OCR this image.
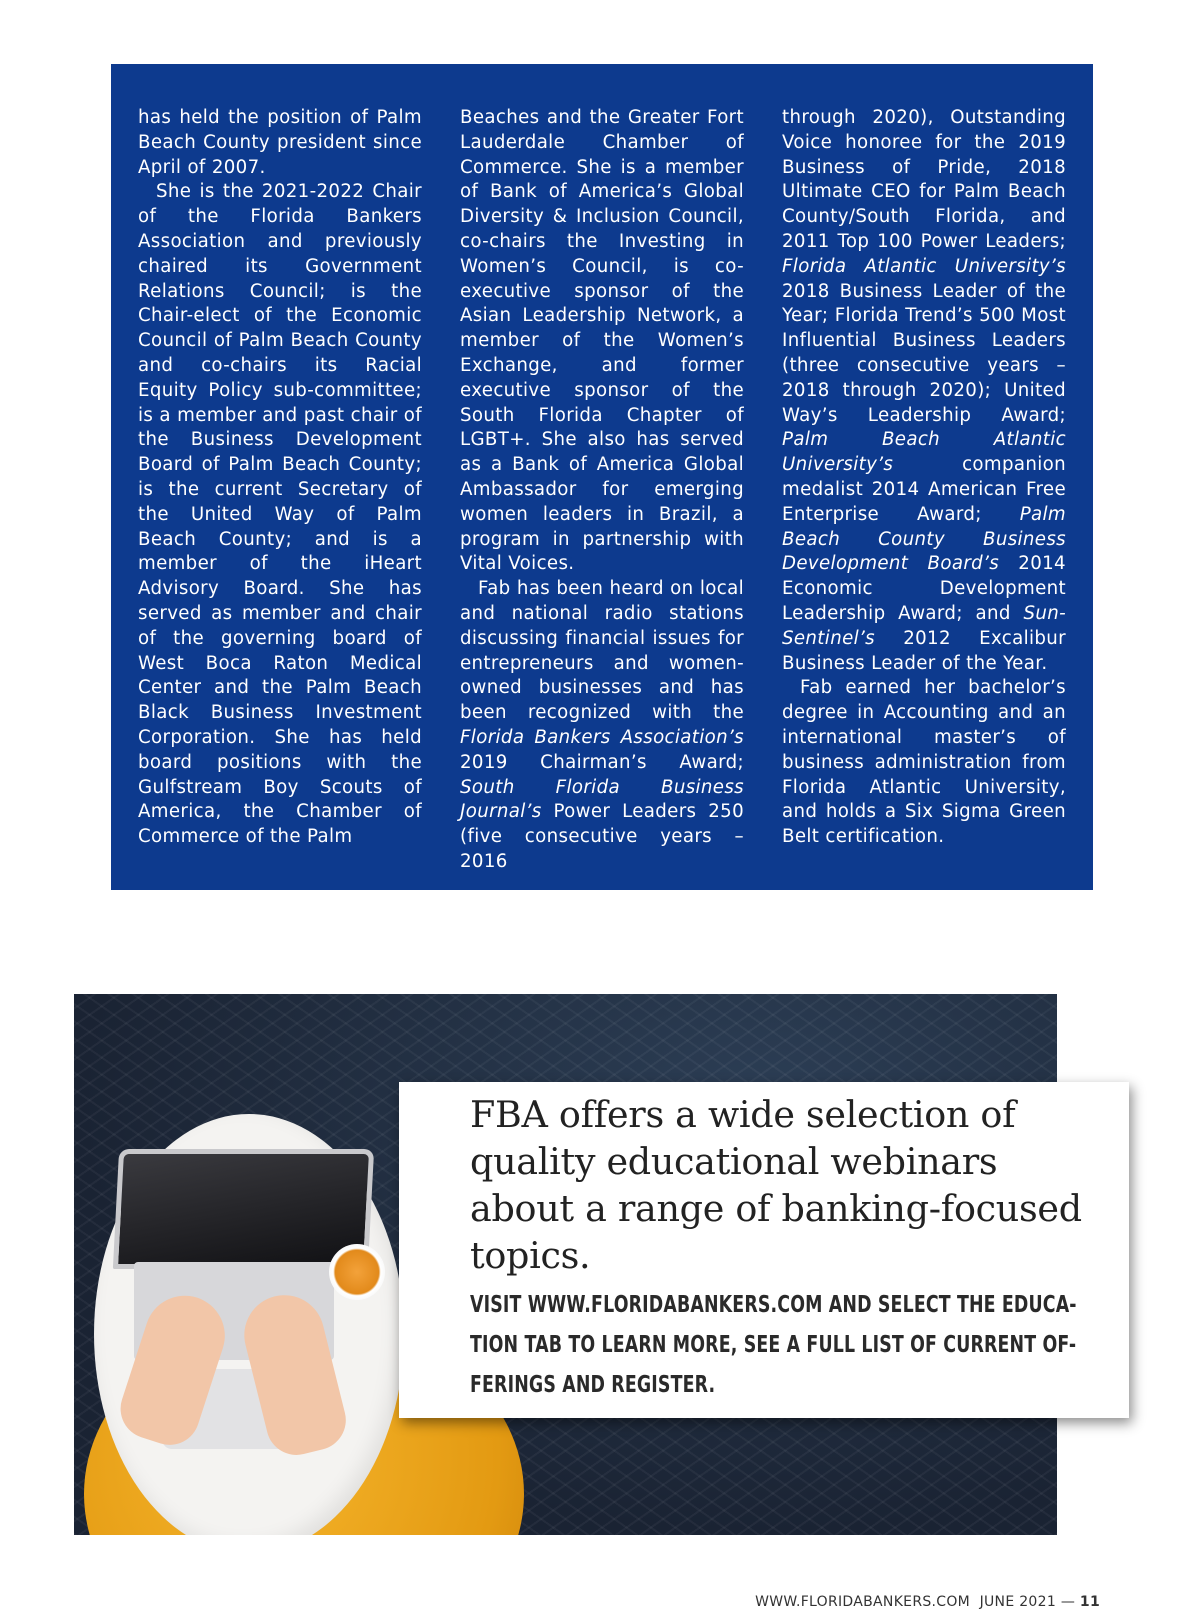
has held the position of Palm Beach County president since April of 2007.

She is the 2021-2022 Chair of the Florida Bankers Association and previously chaired its Government Relations Council; is the Chair-elect of the Economic Council of Palm Beach County and co-chairs its Racial Equity Policy sub-committee; is a member and past chair of the Business Development Board of Palm Beach County; is the current Secretary of the United Way of Palm Beach County; and is a member of the iHeart Advisory Board. She has served as member and chair of the governing board of West Boca Raton Medical Center and the Palm Beach Black Business Investment Corporation. She has held board positions with the Gulfstream Boy Scouts of America, the Chamber of Commerce of the Palm

Beaches and the Greater Fort Lauderdale Chamber of Commerce. She is a member of Bank of America’s Global Diversity & Inclusion Council, co-chairs the Investing in Women’s Council, is co-executive sponsor of the Asian Leadership Network, a member of the Women’s Exchange, and former executive sponsor of the South Florida Chapter of LGBT+. She also has served as a Bank of America Global Ambassador for emerging women leaders in Brazil, a program in partnership with Vital Voices.

Fab has been heard on local and national radio stations discussing financial issues for entrepreneurs and women-owned businesses and has been recognized with the Florida Bankers Association’s 2019 Chairman’s Award; South Florida Business Journal’s Power Leaders 250 (five consecutive years – 2016

through 2020), Outstanding Voice honoree for the 2019 Business of Pride, 2018 Ultimate CEO for Palm Beach County/South Florida, and 2011 Top 100 Power Leaders; Florida Atlantic University’s 2018 Business Leader of the Year; Florida Trend’s 500 Most Influential Business Leaders (three consecutive years – 2018 through 2020); United Way’s Leadership Award; Palm Beach Atlantic University’s	companion medalist 2014 American Free Enterprise Award; Palm Beach County Business Development Board’s 2014 Economic Development Leadership Award; and Sun-Sentinel’s 2012 Excalibur Business Leader of the Year.

Fab earned her bachelor’s degree in Accounting and an international master’s of business administration from Florida Atlantic University, and holds a Six Sigma Green Belt certification.

FBA offers a wide selection of quality educational webinars about a range of banking-focused topics.

VISIT WWW.FLORIDABANKERS.COM AND SELECT THE EDUCA-TION TAB TO LEARN MORE, SEE A FULL LIST OF CURRENT OF-FERINGS AND REGISTER.

WWW.FLORIDABANKERS.COM JUNE 2021 — 11
